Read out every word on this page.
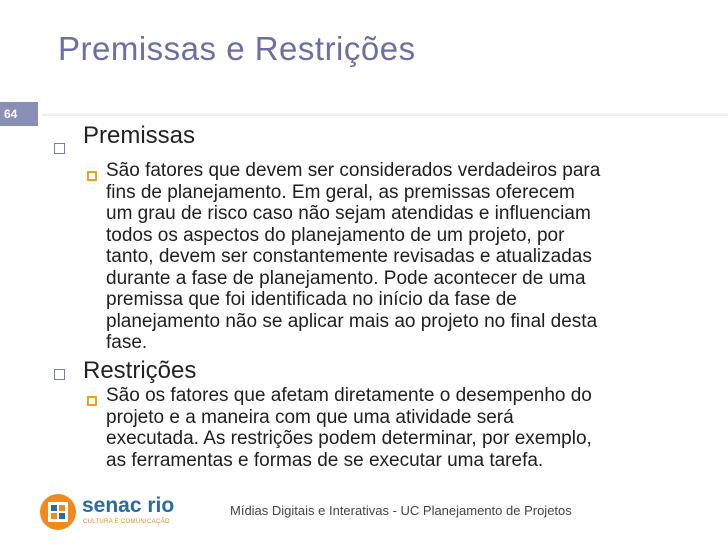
Premissas e Restrições
64
Premissas
São fatores que devem ser considerados verdadeiros para
fins de planejamento. Em geral, as premissas oferecem
um grau de risco caso não sejam atendidas e influenciam
todos os aspectos do planejamento de um projeto, por
tanto, devem ser constantemente revisadas e atualizadas
durante a fase de planejamento. Pode acontecer de uma
premissa que foi identificada no início da fase de
planejamento não se aplicar mais ao projeto no final desta
fase.
Restrições
São os fatores que afetam diretamente o desempenho do
projeto e a maneira com que uma atividade será
executada. As restrições podem determinar, por exemplo,
as ferramentas e formas de se executar uma tarefa.
senac rio
CULTURA E COMUNICAÇÃO
Mídias Digitais e Interativas - UC Planejamento de Projetos
